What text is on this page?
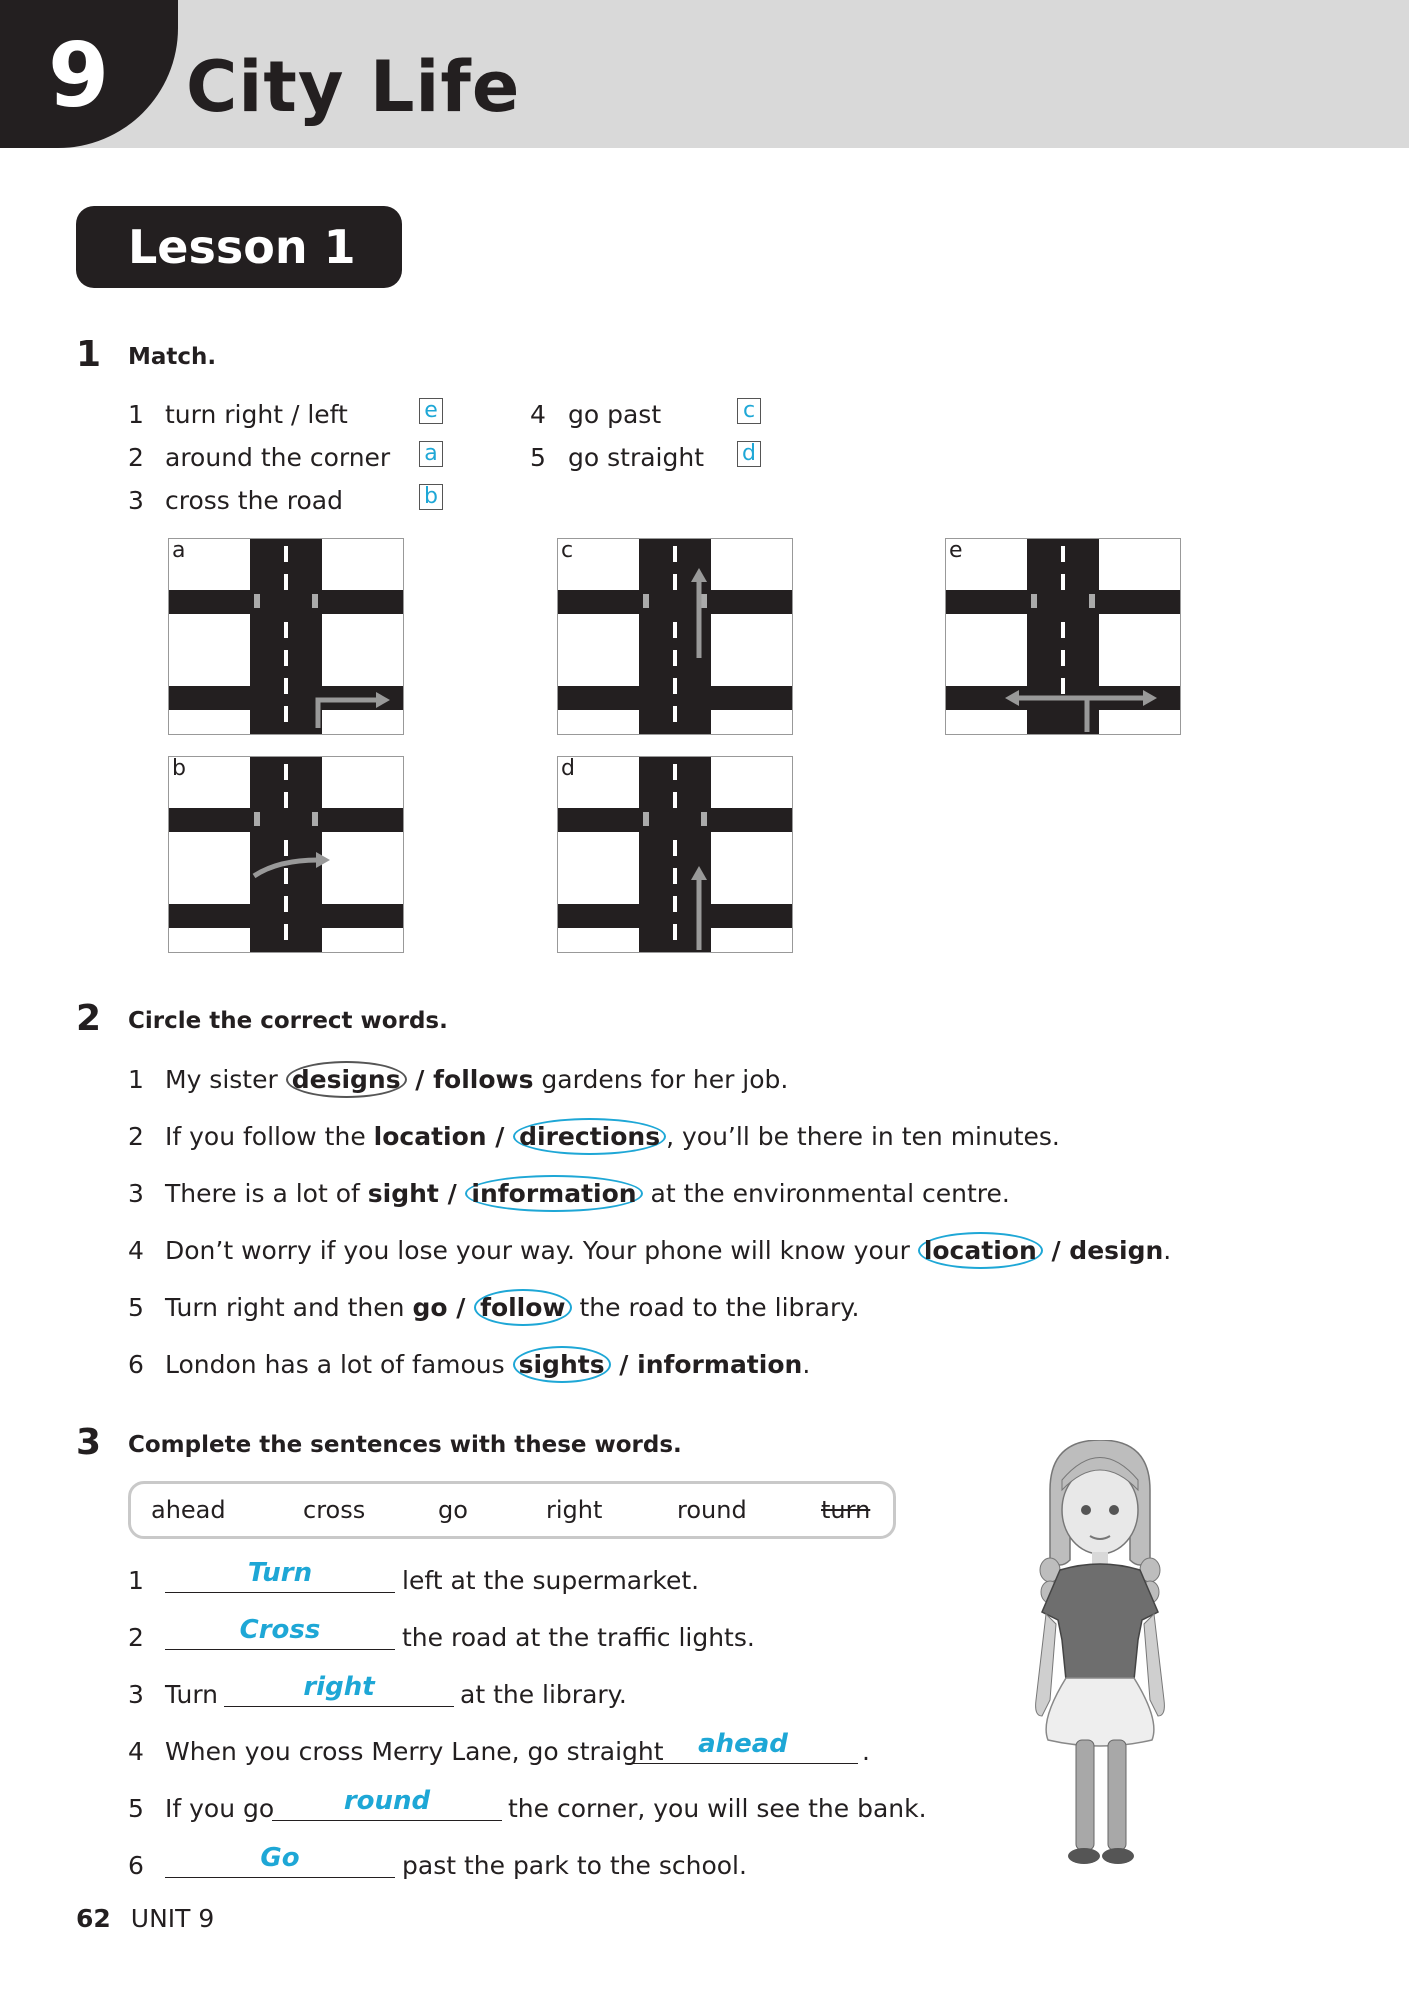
9 City Life
Lesson 1
1 Match.
1 turn right / left	e
2 around the corner a
3 cross the road	b
4 go past	c
5 go straight d
a
b
c
d
e
2 Circle the correct words.
1 My sister designs / follows gardens for her job.
2 If you follow the location / directions , you’ll be there in ten minutes.
3 There is a lot of sight / information at the environmental centre.
4 Don’t worry if you lose your way. Your phone will know your location / design.
5 Turn right and then go / follow the road to the library.
6 London has a lot of famous sights / information.
3 Complete the sentences with these words.
ahead	cross	go	right	round	turn
1	Turn	left at the supermarket.
2	Cross	the road at the traffic lights.
3 Turn	right	at the library.
4 When you cross Merry Lane, go straight	ahead	.
5 If you go	round	the corner, you will see the bank.
6	Go	past the park to the school.
62 UNIT 9
